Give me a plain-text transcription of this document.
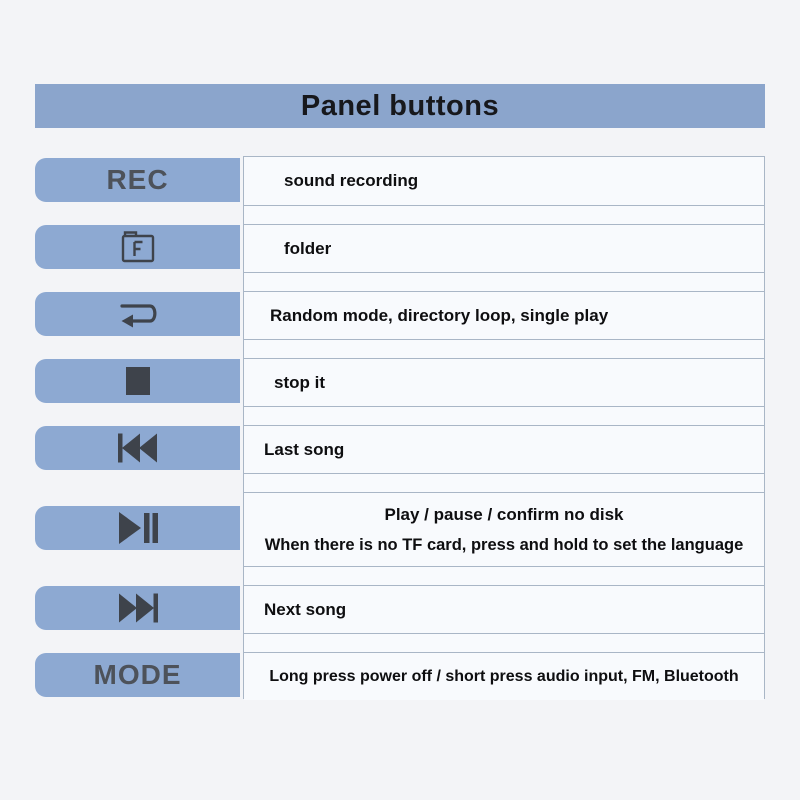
Panel buttons
REC
MODE
sound recording
folder
Random mode, directory loop, single play
stop it
Last song
Play / pause / confirm no disk
When there is no TF card, press and hold to set the language
Next song
Long press power off / short press audio input, FM, Bluetooth
